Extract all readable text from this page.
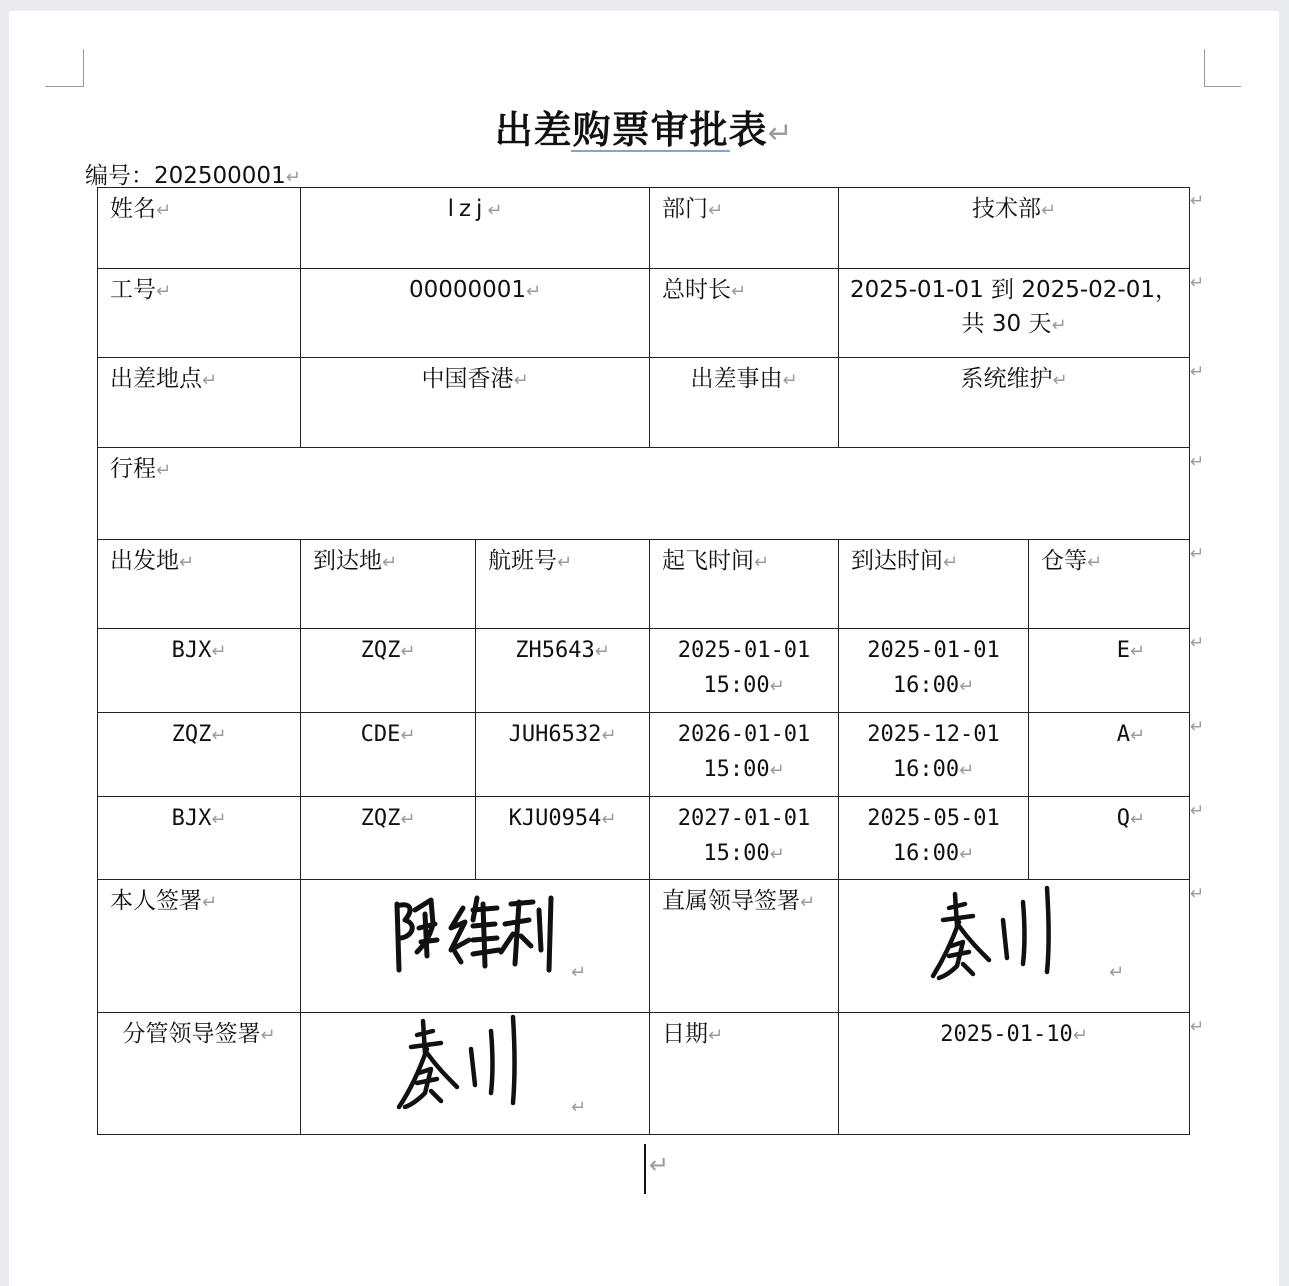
出差购票审批表↵
编号：202500001↵
姓名↵	lzj↵		部门↵	技术部↵	
工号↵	00000001↵		总时长↵	2025-01-01 到 2025-02-01，
共 30 天↵	
出差地点↵	中国香港↵		出差事由↵	系统维护↵	
行程↵					
出发地↵	到达地↵	航班号↵	起飞时间↵	到达时间↵	仓等↵
BJX↵	ZQZ↵	ZH5643↵	2025-01-01
15:00↵	2025-01-01
16:00↵	E↵
ZQZ↵	CDE↵	JUH6532↵	2026-01-01
15:00↵	2025-12-01
16:00↵	A↵
BJX↵	ZQZ↵	KJU0954↵	2027-01-01
15:00↵	2025-05-01
16:00↵	Q↵
本人签署↵	↵		直属领导签署↵	↵	

分管领导签署↵	↵		日期↵	2025-01-10↵	
↵
↵
↵
↵
↵
↵
↵
↵
↵
↵
↵
